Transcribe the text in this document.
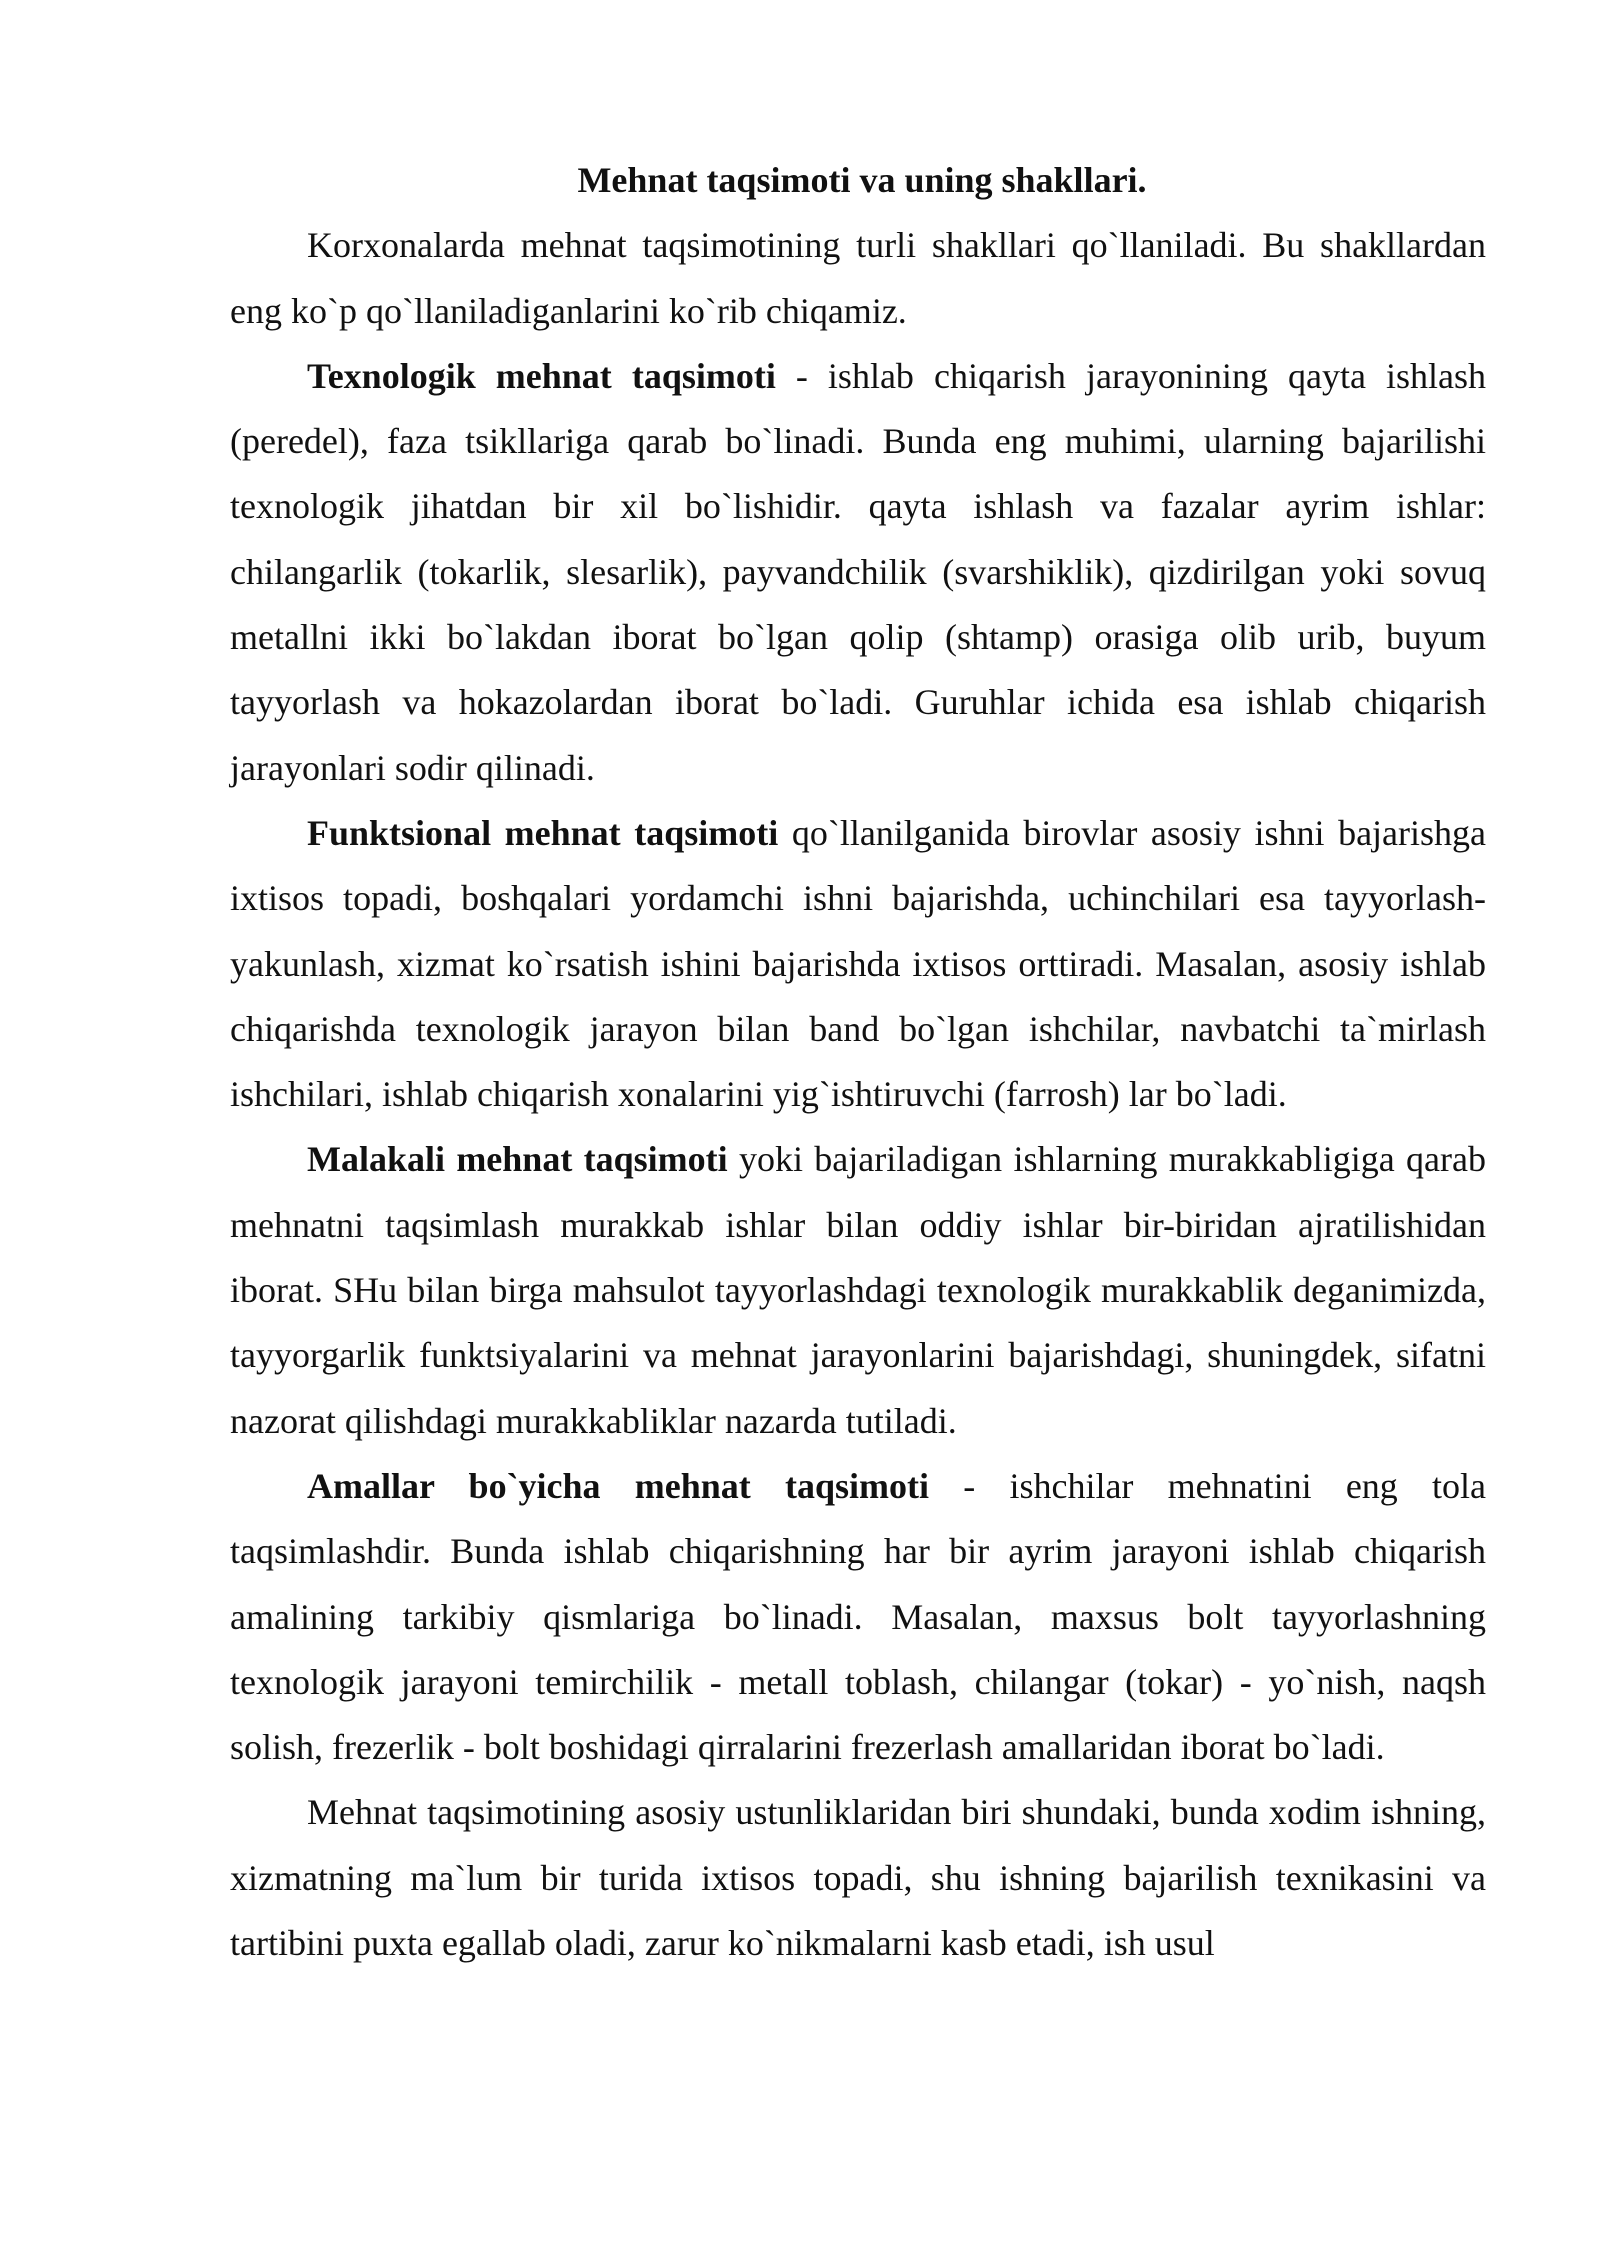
Mehnat taqsimoti va uning shakllari.

Korxonalarda mehnat taqsimotining turli shakllari qo`llaniladi. Bu shakllardan eng ko`p qo`llaniladiganlarini ko`rib chiqamiz.

Texnologik mehnat taqsimoti - ishlab chiqarish jarayonining qayta ishlash (peredel), faza tsikllariga qarab bo`linadi. Bunda eng muhimi, ularning bajarilishi texnologik jihatdan bir xil bo`lishidir. qayta ishlash va fazalar ayrim ishlar: chilangarlik (tokarlik, slesarlik), payvandchilik (svarshiklik), qizdirilgan yoki sovuq metallni ikki bo`lakdan iborat bo`lgan qolip (shtamp) orasiga olib urib, buyum tayyorlash va hokazolardan iborat bo`ladi. Guruhlar ichida esa ishlab chiqarish jarayonlari sodir qilinadi.

Funktsional mehnat taqsimoti qo`llanilganida birovlar asosiy ishni bajarishga ixtisos topadi, boshqalari yordamchi ishni bajarishda, uchinchilari esa tayyorlash-yakunlash, xizmat ko`rsatish ishini bajarishda ixtisos orttiradi. Masalan, asosiy ishlab chiqarishda texnologik jarayon bilan band bo`lgan ishchilar, navbatchi ta`mirlash ishchilari, ishlab chiqarish xonalarini yig`ishtiruvchi (farrosh) lar bo`ladi.

Malakali mehnat taqsimoti yoki bajariladigan ishlarning murakkabligiga qarab mehnatni taqsimlash murakkab ishlar bilan oddiy ishlar bir-biridan ajratilishidan iborat. SHu bilan birga mahsulot tayyorlashdagi texnologik murakkablik deganimizda, tayyorgarlik funktsiyalarini va mehnat jarayonlarini bajarishdagi, shuningdek, sifatni nazorat qilishdagi murakkabliklar nazarda tutiladi.

Amallar bo`yicha mehnat taqsimoti - ishchilar mehnatini eng tola taqsimlashdir. Bunda ishlab chiqarishning har bir ayrim jarayoni ishlab chiqarish amalining tarkibiy qismlariga bo`linadi. Masalan, maxsus bolt tayyorlashning texnologik jarayoni temirchilik - metall toblash, chilangar (tokar) - yo`nish, naqsh solish, frezerlik - bolt boshidagi qirralarini frezerlash amallaridan iborat bo`ladi.

Mehnat taqsimotining asosiy ustunliklaridan biri shundaki, bunda xodim ishning, xizmatning ma`lum bir turida ixtisos topadi, shu ishning bajarilish texnikasini va tartibini puxta egallab oladi, zarur ko`nikmalarni kasb etadi, ish usul
